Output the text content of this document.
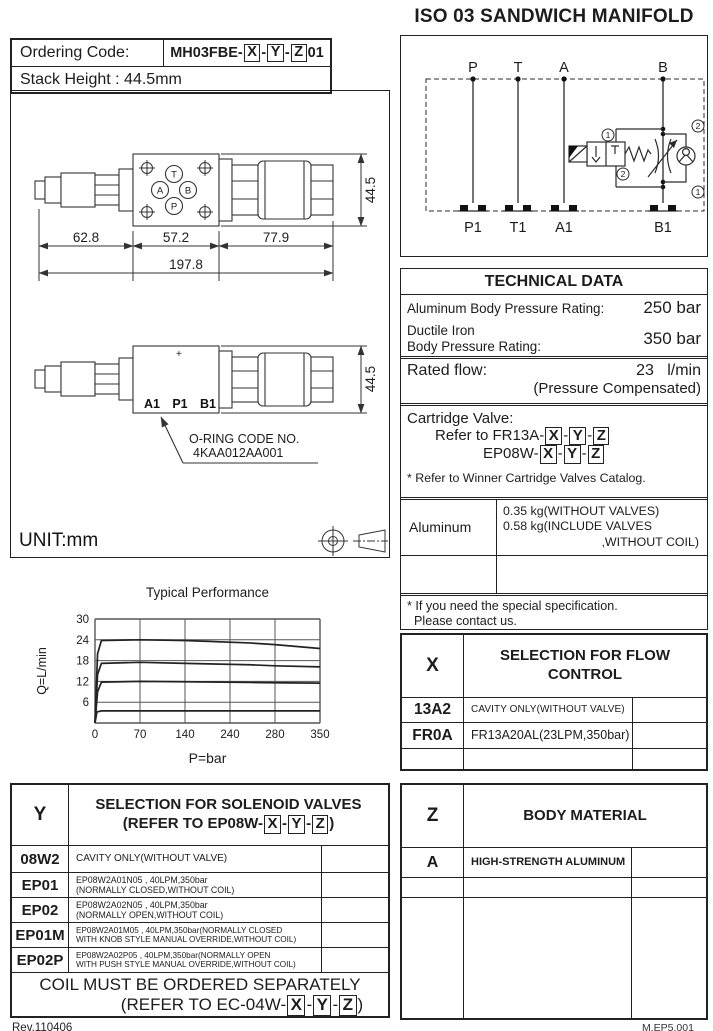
Ordering Code:	MH03FBE- X - Y - Z 01
Stack Height : 44.5mm
ISO 03 SANDWICH MANIFOLD
P T	A	B
P1 T1 A1	B1
1
2
2
1
T
A B
P
62.8	57.2	77.9
197.8
44.5
+
A1 P1 B1
44.5
O-RING CODE NO.
4KAA012AA001
UNIT:mm
Typical Performance
P=bar
Q=L/min
0	70	140 240 280 350
6
12
18
24
30
TECHNICAL DATA
Aluminum Body Pressure Rating: 250 bar
Ductile Iron
Body Pressure Rating:	350 bar
Rated flow:	23   l/min
(Pressure Compensated)
Cartridge Valve:
Refer to FR13A- X - Y - Z
EP08W- X - Y - Z
* Refer to Winner Cartridge Valves Catalog.
Aluminum
0.35 kg(WITHOUT VALVES)
0.58 kg(INCLUDE VALVES
,WITHOUT COIL)
* If you need the special specification.
Please contact us.
X	SELECTION FOR FLOW CONTROL
13A2	CAVITY ONLY(WITHOUT VALVE)
FR0A	FR13A20AL(23LPM,350bar)
Y	SELECTION FOR SOLENOID VALVES
(REFER TO EP08W- X - Y - Z )
08W2	CAVITY ONLY(WITHOUT VALVE)
EP01	EP08W2A01N05 , 40LPM,350bar
(NORMALLY CLOSED,WITHOUT COIL)
EP02	EP08W2A02N05 , 40LPM,350bar
(NORMALLY OPEN,WITHOUT COIL)
EP01M	EP08W2A01M05 , 40LPM,350bar(NORMALLY CLOSED
WITH KNOB STYLE MANUAL OVERRIDE,WITHOUT COIL)
EP02P	EP08W2A02P05 , 40LPM,350bar(NORMALLY OPEN
WITH PUSH STYLE MANUAL OVERRIDE,WITHOUT COIL)
COIL MUST BE ORDERED SEPARATELY
(REFER TO EC-04W- X - Y - Z )
Z	BODY MATERIAL
A	HIGH-STRENGTH ALUMINUM
Rev.110406	M.EP5.001
